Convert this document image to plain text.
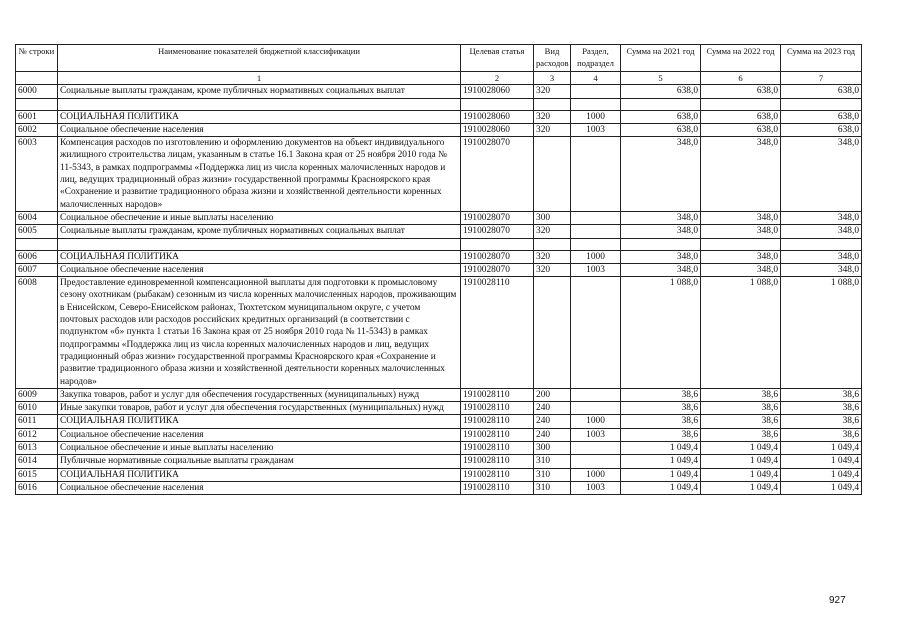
№ строки	Наименование показателей бюджетной классификации	Целевая статья	Вид расходов	Раздел, подраздел	Сумма на 2021 год	Сумма на 2022 год	Сумма на 2023 год
	1	2	3	4	5	6	7
6000	Социальные выплаты гражданам, кроме публичных нормативных социальных выплат	1910028060	320		638,0	638,0	638,0

6001	СОЦИАЛЬНАЯ ПОЛИТИКА	1910028060	320	1000	638,0	638,0	638,0
6002	Социальное обеспечение населения	1910028060	320	1003	638,0	638,0	638,0
6003	Компенсация расходов по изготовлению и оформлению документов на объект индивидуального жилищного строительства лицам, указанным в статье 16.1 Закона края от 25 ноября 2010 года № 11-5343, в рамках подпрограммы «Поддержка лиц из числа коренных малочисленных народов и лиц, ведущих традиционный образ жизни» государственной программы Красноярского края «Сохранение и развитие традиционного образа жизни и хозяйственной деятельности коренных малочисленных народов»	1910028070			348,0	348,0	348,0
6004	Социальное обеспечение и иные выплаты населению	1910028070	300		348,0	348,0	348,0
6005	Социальные выплаты гражданам, кроме публичных нормативных социальных выплат	1910028070	320		348,0	348,0	348,0

6006	СОЦИАЛЬНАЯ ПОЛИТИКА	1910028070	320	1000	348,0	348,0	348,0
6007	Социальное обеспечение населения	1910028070	320	1003	348,0	348,0	348,0
6008	Предоставление единовременной компенсационной выплаты для подготовки к промысловому сезону охотникам (рыбакам) сезонным из числа коренных малочисленных народов, проживающим в Енисейском, Северо-Енисейском районах, Тюхтетском муниципальном округе, с учетом почтовых расходов или расходов российских кредитных организаций (в соответствии с подпунктом «б» пункта 1 статьи 16 Закона края от 25 ноября 2010 года № 11-5343) в рамках подпрограммы «Поддержка лиц из числа коренных малочисленных народов и лиц, ведущих традиционный образ жизни» государственной программы Красноярского края «Сохранение и развитие традиционного образа жизни и хозяйственной деятельности коренных малочисленных народов»	1910028110			1 088,0	1 088,0	1 088,0
6009	Закупка товаров, работ и услуг для обеспечения государственных (муниципальных) нужд	1910028110	200		38,6	38,6	38,6
6010	Иные закупки товаров, работ и услуг для обеспечения государственных (муниципальных) нужд	1910028110	240		38,6	38,6	38,6
6011	СОЦИАЛЬНАЯ ПОЛИТИКА	1910028110	240	1000	38,6	38,6	38,6
6012	Социальное обеспечение населения	1910028110	240	1003	38,6	38,6	38,6
6013	Социальное обеспечение и иные выплаты населению	1910028110	300		1 049,4	1 049,4	1 049,4
6014	Публичные нормативные социальные выплаты гражданам	1910028110	310		1 049,4	1 049,4	1 049,4
6015	СОЦИАЛЬНАЯ ПОЛИТИКА	1910028110	310	1000	1 049,4	1 049,4	1 049,4
6016	Социальное обеспечение населения	1910028110	310	1003	1 049,4	1 049,4	1 049,4
927
